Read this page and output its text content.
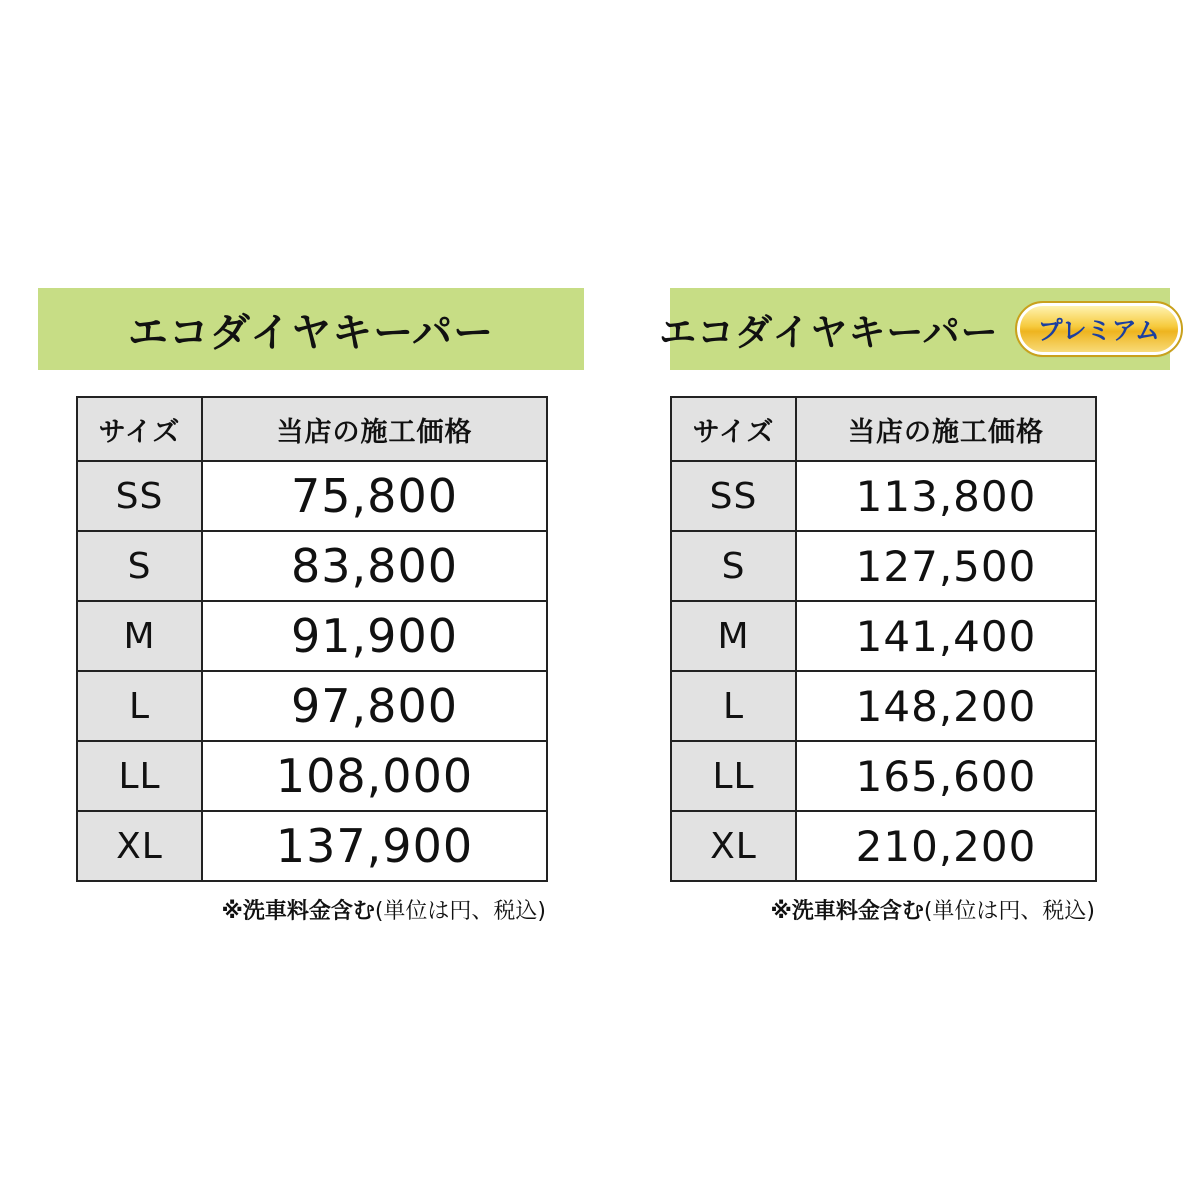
エコダイヤキーパー
サイズ	当店の施工価格
SS	75,800
S	83,800
M	91,900
L	97,800
LL	108,000
XL	137,900
※洗車料金含む(単位は円、税込)
エコダイヤキーパー プレミアム
サイズ	当店の施工価格
SS	113,800
S	127,500
M	141,400
L	148,200
LL	165,600
XL	210,200
※洗車料金含む(単位は円、税込)
